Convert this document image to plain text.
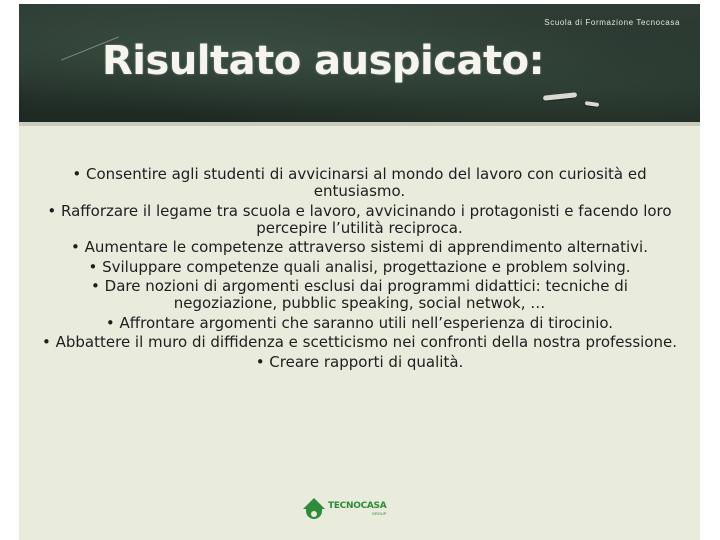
Scuola di Formazione Tecnocasa
Risultato auspicato:

• Consentire agli studenti di avvicinarsi al mondo del lavoro con curiosità ed entusiasmo.

• Rafforzare il legame tra scuola e lavoro, avvicinando i protagonisti e facendo loro percepire l’utilità reciproca.

• Aumentare le competenze attraverso sistemi di apprendimento alternativi.

• Sviluppare competenze quali analisi, progettazione e problem solving.

• Dare nozioni di argomenti esclusi dai programmi didattici: tecniche di negoziazione, pubblic speaking, social netwok, …

• Affrontare argomenti che saranno utili nell’esperienza di tirocinio.

• Abbattere il muro di diffidenza e scetticismo nei confronti della nostra professione.

• Creare rapporti di qualità.

TECNOCASA
GROUP
